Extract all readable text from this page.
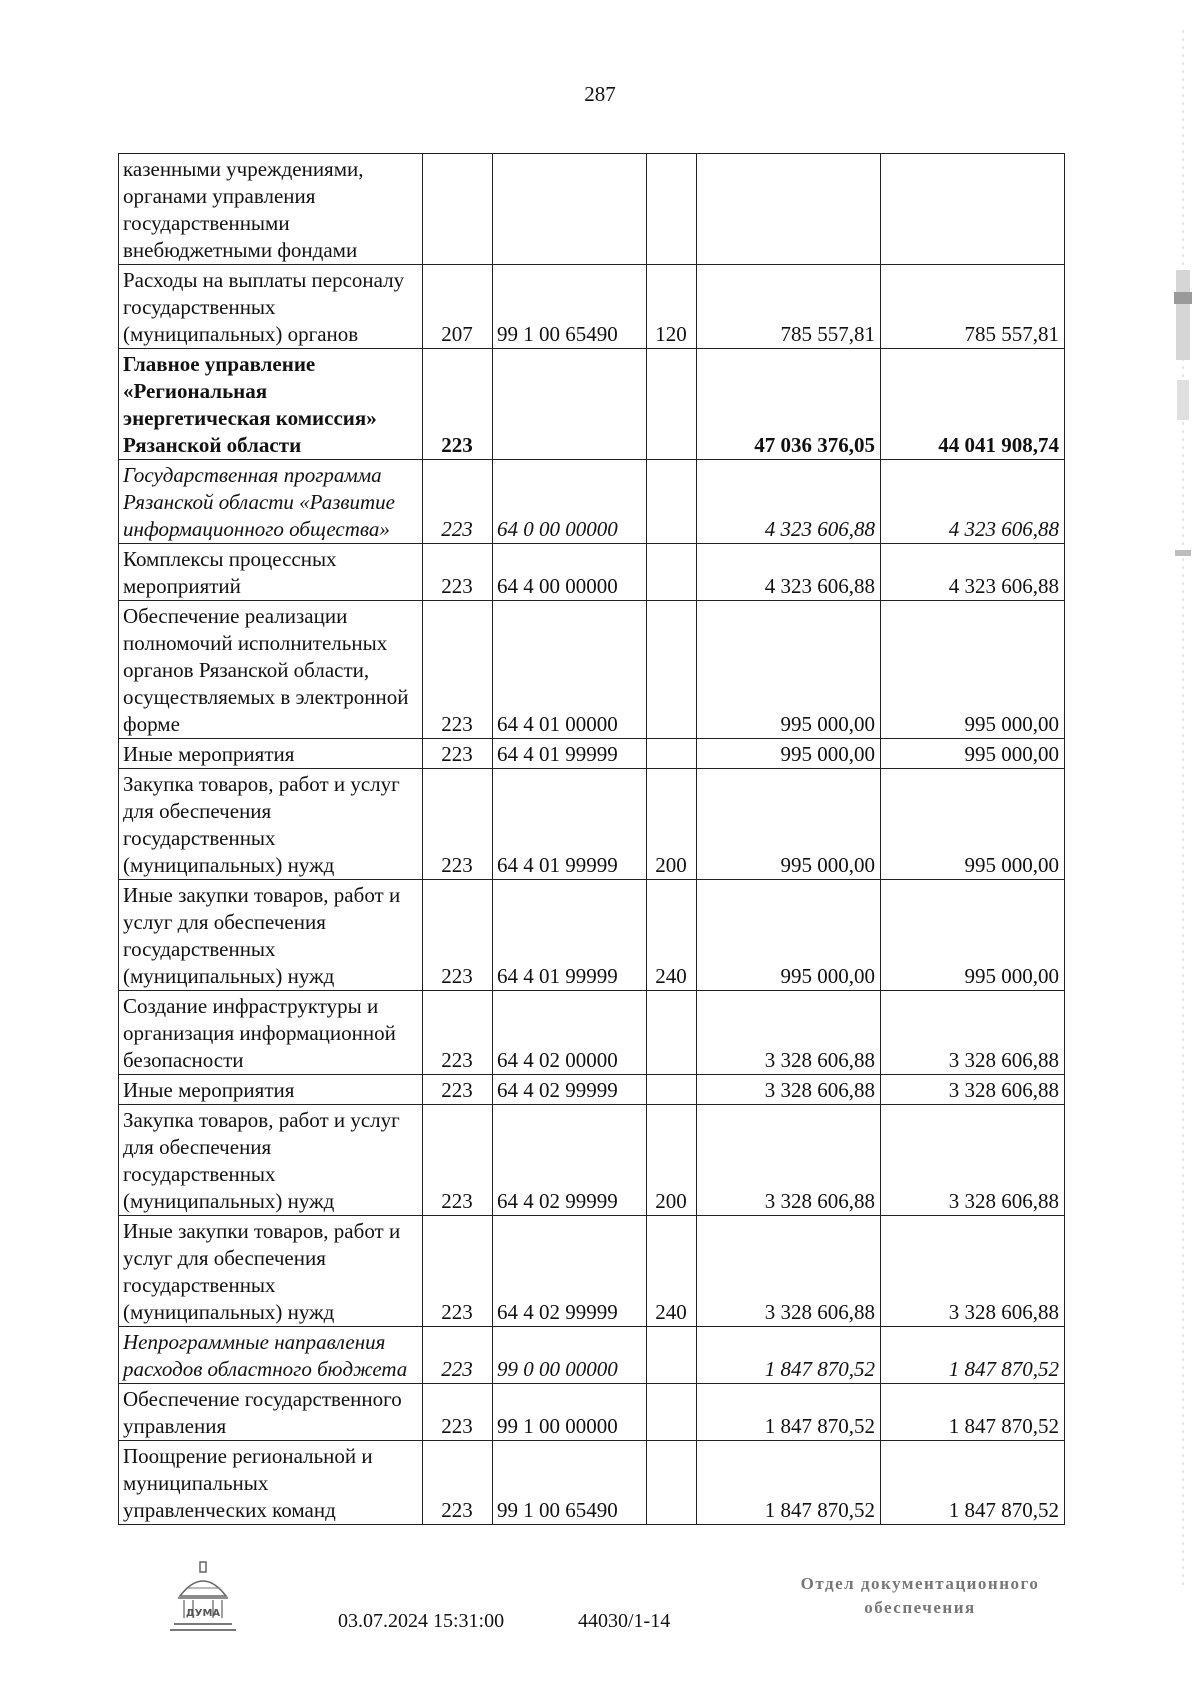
287
казенными учреждениями, органами управления государственными внебюджетными фондами					
Расходы на выплаты персоналу государственных (муниципальных) органов	207	99 1 00 65490	120	785 557,81	785 557,81
Главное управление «Региональная энергетическая комиссия» Рязанской области	223			47 036 376,05	44 041 908,74
Государственная программа Рязанской области «Развитие информационного общества»	223	64 0 00 00000		4 323 606,88	4 323 606,88
Комплексы процессных мероприятий	223	64 4 00 00000		4 323 606,88	4 323 606,88
Обеспечение реализации полномочий исполнительных органов Рязанской области, осуществляемых в электронной форме	223	64 4 01 00000		995 000,00	995 000,00
Иные мероприятия	223	64 4 01 99999		995 000,00	995 000,00
Закупка товаров, работ и услуг для обеспечения государственных (муниципальных) нужд	223	64 4 01 99999	200	995 000,00	995 000,00
Иные закупки товаров, работ и услуг для обеспечения государственных (муниципальных) нужд	223	64 4 01 99999	240	995 000,00	995 000,00
Создание инфраструктуры и организация информационной безопасности	223	64 4 02 00000		3 328 606,88	3 328 606,88
Иные мероприятия	223	64 4 02 99999		3 328 606,88	3 328 606,88
Закупка товаров, работ и услуг для обеспечения государственных (муниципальных) нужд	223	64 4 02 99999	200	3 328 606,88	3 328 606,88
Иные закупки товаров, работ и услуг для обеспечения государственных (муниципальных) нужд	223	64 4 02 99999	240	3 328 606,88	3 328 606,88
Непрограммные направления расходов областного бюджета	223	99 0 00 00000		1 847 870,52	1 847 870,52
Обеспечение государственного управления	223	99 1 00 00000		1 847 870,52	1 847 870,52
Поощрение региональной и муниципальных управленческих команд	223	99 1 00 65490		1 847 870,52	1 847 870,52
ДУМА	03.07.2024 15:31:00	44030/1-14
Отдел документационного
обеспечения
